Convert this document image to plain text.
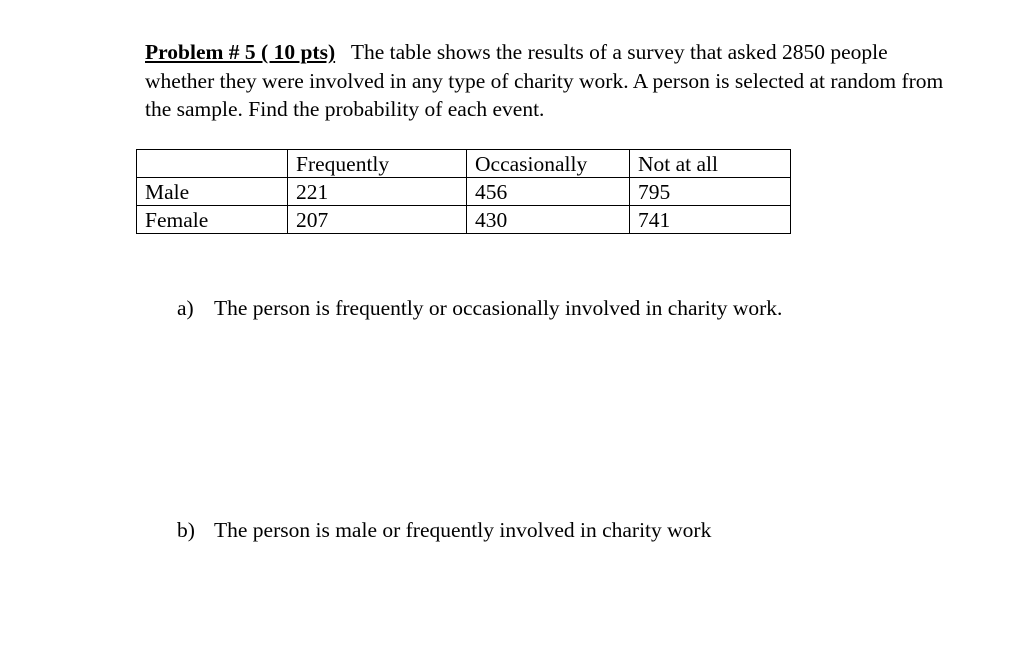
Problem # 5 ( 10 pts) The table shows the results of a survey that asked 2850 people whether they were involved in any type of charity work. A person is selected at random from the sample. Find the probability of each event.
	Frequently	Occasionally	Not at all
Male	221	456	795
Female	207	430	741
a) The person is frequently or occasionally involved in charity work.
b) The person is male or frequently involved in charity work
